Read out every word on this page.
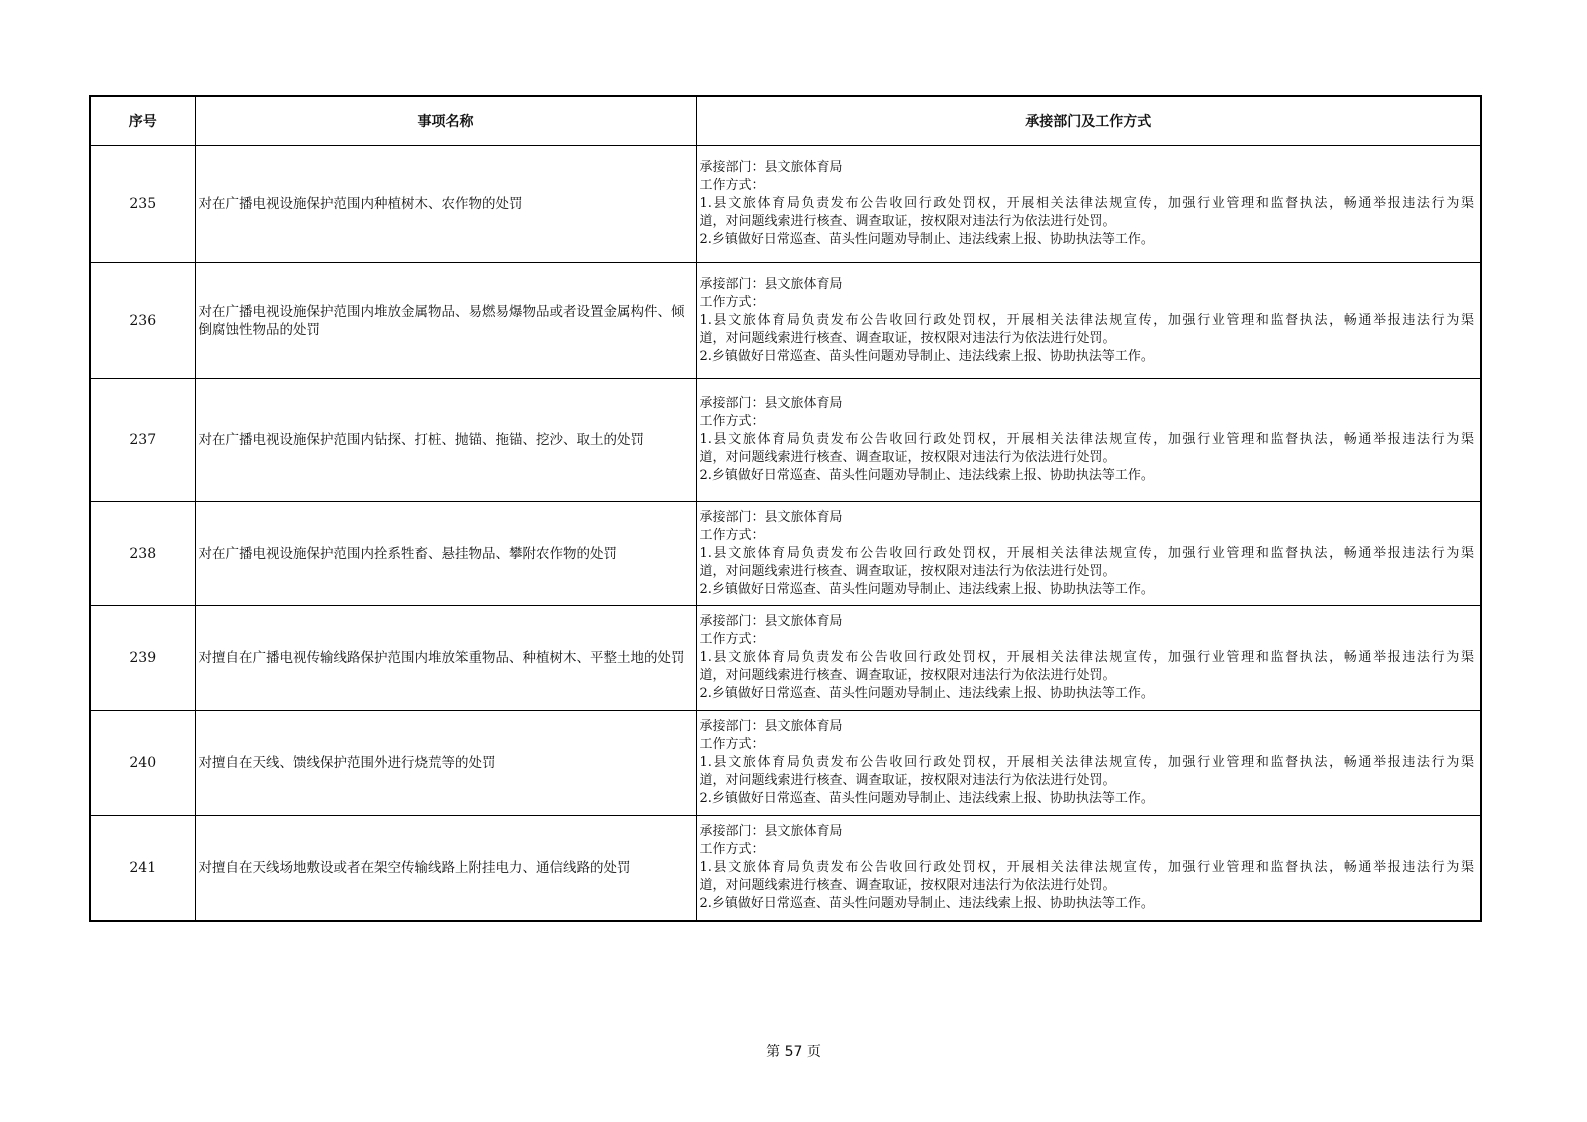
序号	事项名称	承接部门及工作方式
235	对在广播电视设施保护范围内种植树木、农作物的处罚	承接部门：县文旅体育局
工作方式：
1.县文旅体育局负责发布公告收回行政处罚权，开展相关法律法规宣传，加强行业管理和监督执法，畅通举报违法行为渠
道，对问题线索进行核查、调查取证，按权限对违法行为依法进行处罚。
2.乡镇做好日常巡查、苗头性问题劝导制止、违法线索上报、协助执法等工作。

236	对在广播电视设施保护范围内堆放金属物品、易燃易爆物品或者设置金属构件、倾倒腐蚀性物品的处罚	承接部门：县文旅体育局
工作方式：
1.县文旅体育局负责发布公告收回行政处罚权，开展相关法律法规宣传，加强行业管理和监督执法，畅通举报违法行为渠
道，对问题线索进行核查、调查取证，按权限对违法行为依法进行处罚。
2.乡镇做好日常巡查、苗头性问题劝导制止、违法线索上报、协助执法等工作。

237	对在广播电视设施保护范围内钻探、打桩、抛锚、拖锚、挖沙、取土的处罚	承接部门：县文旅体育局
工作方式：
1.县文旅体育局负责发布公告收回行政处罚权，开展相关法律法规宣传，加强行业管理和监督执法，畅通举报违法行为渠
道，对问题线索进行核查、调查取证，按权限对违法行为依法进行处罚。
2.乡镇做好日常巡查、苗头性问题劝导制止、违法线索上报、协助执法等工作。

238	对在广播电视设施保护范围内拴系牲畜、悬挂物品、攀附农作物的处罚	承接部门：县文旅体育局
工作方式：
1.县文旅体育局负责发布公告收回行政处罚权，开展相关法律法规宣传，加强行业管理和监督执法，畅通举报违法行为渠
道，对问题线索进行核查、调查取证，按权限对违法行为依法进行处罚。
2.乡镇做好日常巡查、苗头性问题劝导制止、违法线索上报、协助执法等工作。

239	对擅自在广播电视传输线路保护范围内堆放笨重物品、种植树木、平整土地的处罚	承接部门：县文旅体育局
工作方式：
1.县文旅体育局负责发布公告收回行政处罚权，开展相关法律法规宣传，加强行业管理和监督执法，畅通举报违法行为渠
道，对问题线索进行核查、调查取证，按权限对违法行为依法进行处罚。
2.乡镇做好日常巡查、苗头性问题劝导制止、违法线索上报、协助执法等工作。

240	对擅自在天线、馈线保护范围外进行烧荒等的处罚	承接部门：县文旅体育局
工作方式：
1.县文旅体育局负责发布公告收回行政处罚权，开展相关法律法规宣传，加强行业管理和监督执法，畅通举报违法行为渠
道，对问题线索进行核查、调查取证，按权限对违法行为依法进行处罚。
2.乡镇做好日常巡查、苗头性问题劝导制止、违法线索上报、协助执法等工作。

241	对擅自在天线场地敷设或者在架空传输线路上附挂电力、通信线路的处罚	承接部门：县文旅体育局
工作方式：
1.县文旅体育局负责发布公告收回行政处罚权，开展相关法律法规宣传，加强行业管理和监督执法，畅通举报违法行为渠
道，对问题线索进行核查、调查取证，按权限对违法行为依法进行处罚。
2.乡镇做好日常巡查、苗头性问题劝导制止、违法线索上报、协助执法等工作。
第 57 页
